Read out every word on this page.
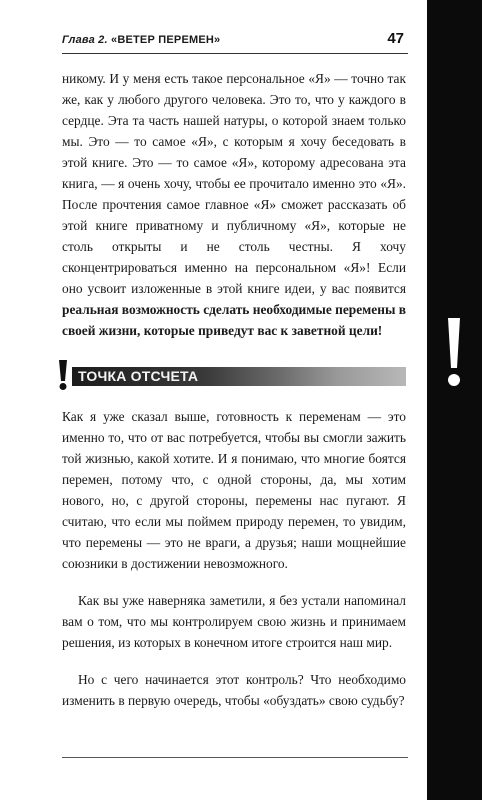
Глава 2. «ВЕТЕР ПЕРЕМЕН»	47

никому. И у меня есть такое персональное «Я» — точно так же, как у любого другого человека. Это то, что у каждого в сердце. Эта та часть нашей натуры, о которой знаем только мы. Это — то самое «Я», с которым я хочу беседовать в этой книге. Это — то самое «Я», которому адресована эта книга, — я очень хочу, чтобы ее прочитало именно это «Я». После прочтения самое главное «Я» сможет рассказать об этой книге приватному и публичному «Я», которые не столь открыты и не столь честны. Я хочу сконцентрироваться именно на персональном «Я»! Если оно усвоит изложенные в этой книге идеи, у вас появится реальная возможность сделать необходимые перемены в своей жизни, которые приведут вас к заветной цели!

ТОЧКА ОТСЧЕТА

Как я уже сказал выше, готовность к переменам — это именно то, что от вас потребуется, чтобы вы смогли зажить той жизнью, какой хотите. И я понимаю, что многие боятся перемен, потому что, с одной стороны, да, мы хотим нового, но, с другой стороны, перемены нас пугают. Я считаю, что если мы поймем природу перемен, то увидим, что перемены — это не враги, а друзья; наши мощнейшие союзники в достижении невозможного.

Как вы уже наверняка заметили, я без устали напоминал вам о том, что мы контролируем свою жизнь и принимаем решения, из которых в конечном итоге строится наш мир.

Но с чего начинается этот контроль? Что необходимо изменить в первую очередь, чтобы «обуздать» свою судьбу?
